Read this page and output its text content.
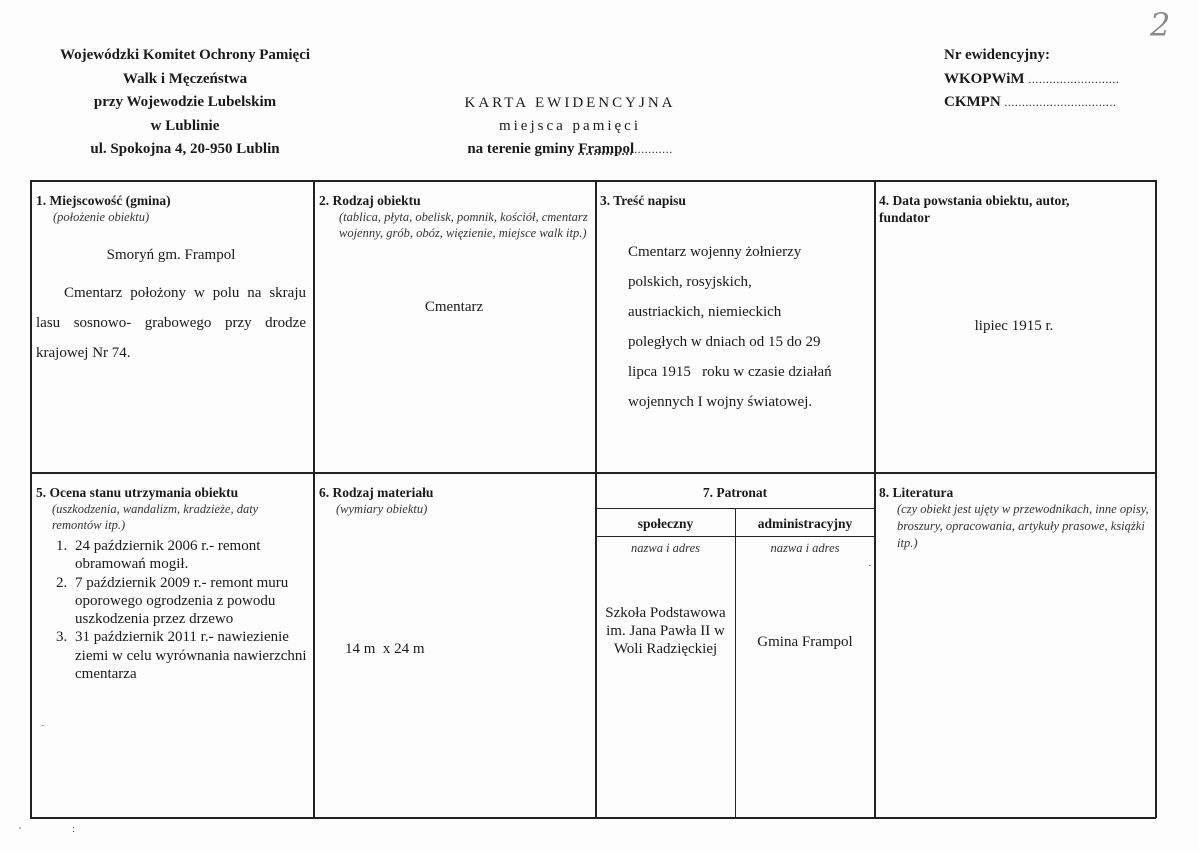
Wojewódzki Komitet Ochrony Pamięci
Walk i Męczeństwa
przy Wojewodzie Lubelskim
w Lublinie
ul. Spokojna 4, 20-950 Lublin
KARTA EWIDENCYJNA
miejsca pamięci
na terenie gminy Frampol...........
Nr ewidencyjny:
WKOPWiM ..........................
CKMPN ................................
2
1. Miejscowość (gmina)
(położenie obiektu)
Smoryń gm. Frampol
Cmentarz położony w polu na skraju lasu sosnowo- grabowego przy drodze krajowej Nr 74.
2. Rodzaj obiektu
(tablica, płyta, obelisk, pomnik, kościół, cmentarz wojenny, grób, obóz, więzienie, miejsce walk itp.)
Cmentarz
3. Treść napisu
Cmentarz wojenny żołnierzy
polskich, rosyjskich,
austriackich, niemieckich
poległych w dniach od 15 do 29
lipca 1915   roku w czasie działań
wojennych I wojny światowej.
4. Data powstania obiektu, autor, fundator
lipiec 1915 r.
5. Ocena stanu utrzymania obiektu
(uszkodzenia, wandalizm, kradzieże, daty remontów itp.)
1. 24 październik 2006 r.- remont obramowań mogił.
2. 7 październik 2009 r.- remont muru oporowego ogrodzenia z powodu uszkodzenia przez drzewo
3. 31 październik 2011 r.- nawiezienie ziemi w celu wyrównania nawierzchni cmentarza
6. Rodzaj materiału
(wymiary obiektu)
14 m  x 24 m
7. Patronat
społeczny	administracyjny
nazwa i adres	nazwa i adres
Szkoła Podstawowa im. Jana Pawła II w Woli Radzięckiej	Gmina Frampol
8. Literatura
(czy obiekt jest ujęty w przewodnikach, inne opisy, broszury, opracowania, artykuły prasowe, książki itp.)
·
·
'	:
